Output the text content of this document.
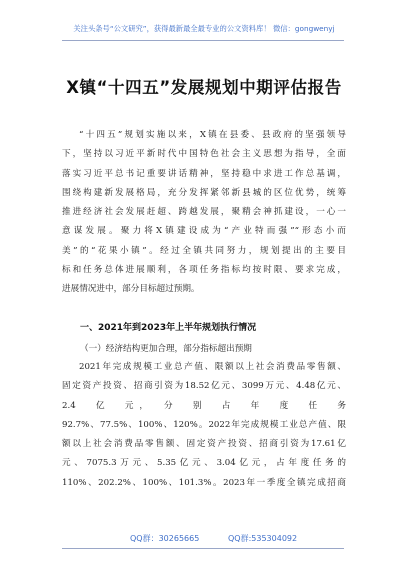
关注头条号“公文研究”，获得最新最全最专业的公文资料库！ 微信：gongwenyj
X镇“十四五”发展规划中期评估报告
“十四五”规划实施以来，X镇在县委、县政府的坚强领导
下，坚持以习近平新时代中国特色社会主义思想为指导，全面
落实习近平总书记重要讲话精神，坚持稳中求进工作总基调，
围绕构建新发展格局，充分发挥紧邻新县城的区位优势，统筹
推进经济社会发展赶超、跨越发展，聚精会神抓建设，一心一
意谋发展。聚力将X镇建设成为“产业特而强”“形态小而
美”的“花果小镇”。经过全镇共同努力，规划提出的主要目
标和任务总体进展顺利，各项任务指标均按时限、要求完成，
进展情况进中，部分目标超过预期。
一、2021年到2023年上半年规划执行情况
（一）经济结构更加合理，部分指标超出预期
2021年完成规模工业总产值、限额以上社会消费品零售额、
固定资产投资、招商引资为18.52亿元、3099万元、4.48亿元、
2.4　亿　元，　分　别　占　年　度　任　务
92.7%、77.5%、100%、120%。2022年完成规模工业总产值、限
额以上社会消费品零售额、固定资产投资、招商引资为17.61亿
元、7075.3万元、5.35亿元、3.04亿元，占年度任务的
110%、202.2%、100%、101.3%。2023年一季度全镇完成招商
QQ群：30265665	QQ群:535304092
